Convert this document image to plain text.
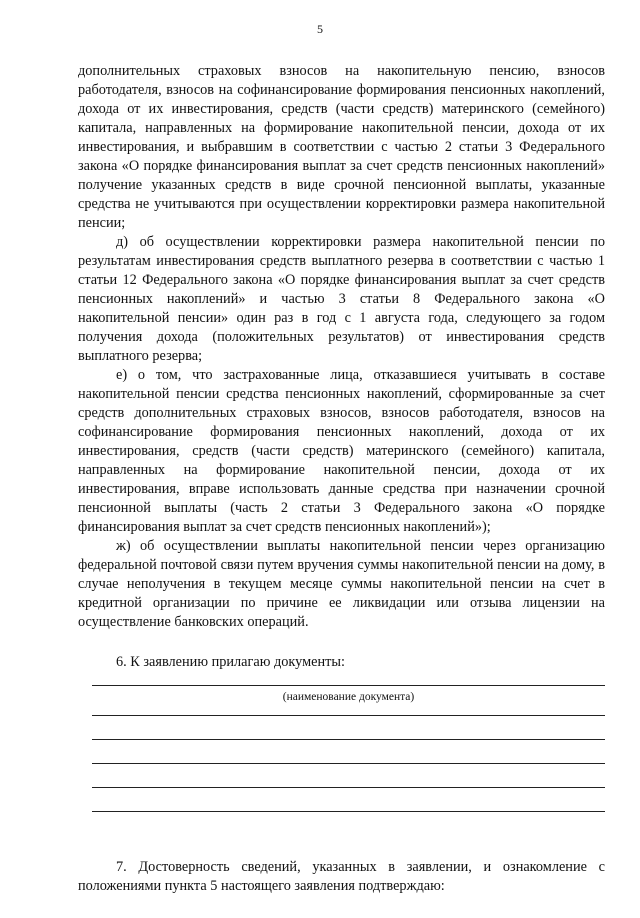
5

дополнительных страховых взносов на накопительную пенсию, взносов работодателя, взносов на софинансирование формирования пенсионных накоплений, дохода от их инвестирования, средств (части средств) материнского (семейного) капитала, направленных на формирование накопительной пенсии, дохода от их инвестирования, и выбравшим в соответствии с частью 2 статьи 3 Федерального закона «О порядке финансирования выплат за счет средств пенсионных накоплений» получение указанных средств в виде срочной пенсионной выплаты, указанные средства не учитываются при осуществлении корректировки размера накопительной пенсии;

д) об осуществлении корректировки размера накопительной пенсии по результатам инвестирования средств выплатного резерва в соответствии с частью 1 статьи 12 Федерального закона «О порядке финансирования выплат за счет средств пенсионных накоплений» и частью 3 статьи 8 Федерального закона «О накопительной пенсии» один раз в год с 1 августа года, следующего за годом получения дохода (положительных результатов) от инвестирования средств выплатного резерва;

е) о том, что застрахованные лица, отказавшиеся учитывать в составе накопительной пенсии средства пенсионных накоплений, сформированные за счет средств дополнительных страховых взносов, взносов работодателя, взносов на софинансирование формирования пенсионных накоплений, дохода от их инвестирования, средств (части средств) материнского (семейного) капитала, направленных на формирование накопительной пенсии, дохода от их инвестирования, вправе использовать данные средства при назначении срочной пенсионной выплаты (часть 2 статьи 3 Федерального закона «О порядке финансирования выплат за счет средств пенсионных накоплений»);

ж) об осуществлении выплаты накопительной пенсии через организацию федеральной почтовой связи путем вручения суммы накопительной пенсии на дому, в случае неполучения в текущем месяце суммы накопительной пенсии на счет в кредитной организации по причине ее ликвидации или отзыва лицензии на осуществление банковских операций.

6. К заявлению прилагаю документы:

(наименование документа)

7. Достоверность сведений, указанных в заявлении, и ознакомление с положениями пункта 5 настоящего заявления подтверждаю:
